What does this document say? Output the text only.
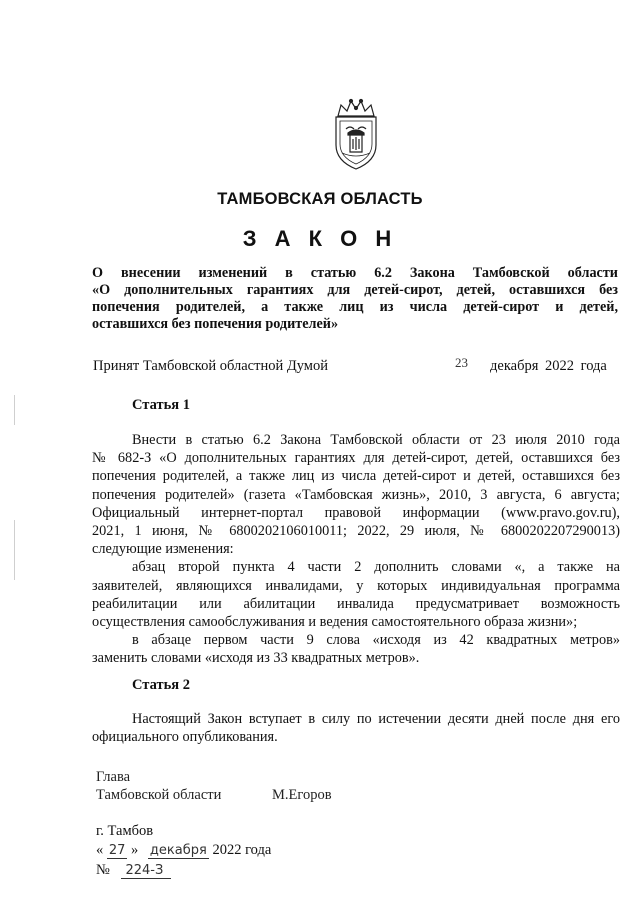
ТАМБОВСКАЯ ОБЛАСТЬ
З А К О Н
О внесении изменений в статью 6.2 Закона Тамбовской области
«О дополнительных гарантиях для детей-сирот, детей, оставшихся без
попечения родителей, а также лиц из числа детей-сирот и детей,
оставшихся без попечения родителей»
Принят Тамбовской областной Думой	23 декабря 2022 года
Статья 1
Внести в статью 6.2 Закона Тамбовской области от 23 июля 2010 года
№ 682-З «О дополнительных гарантиях для детей-сирот, детей, оставшихся без
попечения родителей, а также лиц из числа детей-сирот и детей, оставшихся без
попечения родителей» (газета «Тамбовская жизнь», 2010, 3 августа, 6 августа;
Официальный интернет-портал правовой информации (www.pravo.gov.ru),
2021, 1 июня, № 6800202106010011; 2022, 29 июля, № 6800202207290013)
следующие изменения:
абзац второй пункта 4 части 2 дополнить словами «, а также на
заявителей, являющихся инвалидами, у которых индивидуальная программа
реабилитации или абилитации инвалида предусматривает возможность
осуществления самообслуживания и ведения самостоятельного образа жизни»;
в абзаце первом части 9 слова «исходя из 42 квадратных метров»
заменить словами «исходя из 33 квадратных метров».
Статья 2
Настоящий Закон вступает в силу по истечении десяти дней после дня его
официального опубликования.
Глава
Тамбовской области	М.Егоров
г. Тамбов
« 27 » декабря 2022 года
№ 224-З
